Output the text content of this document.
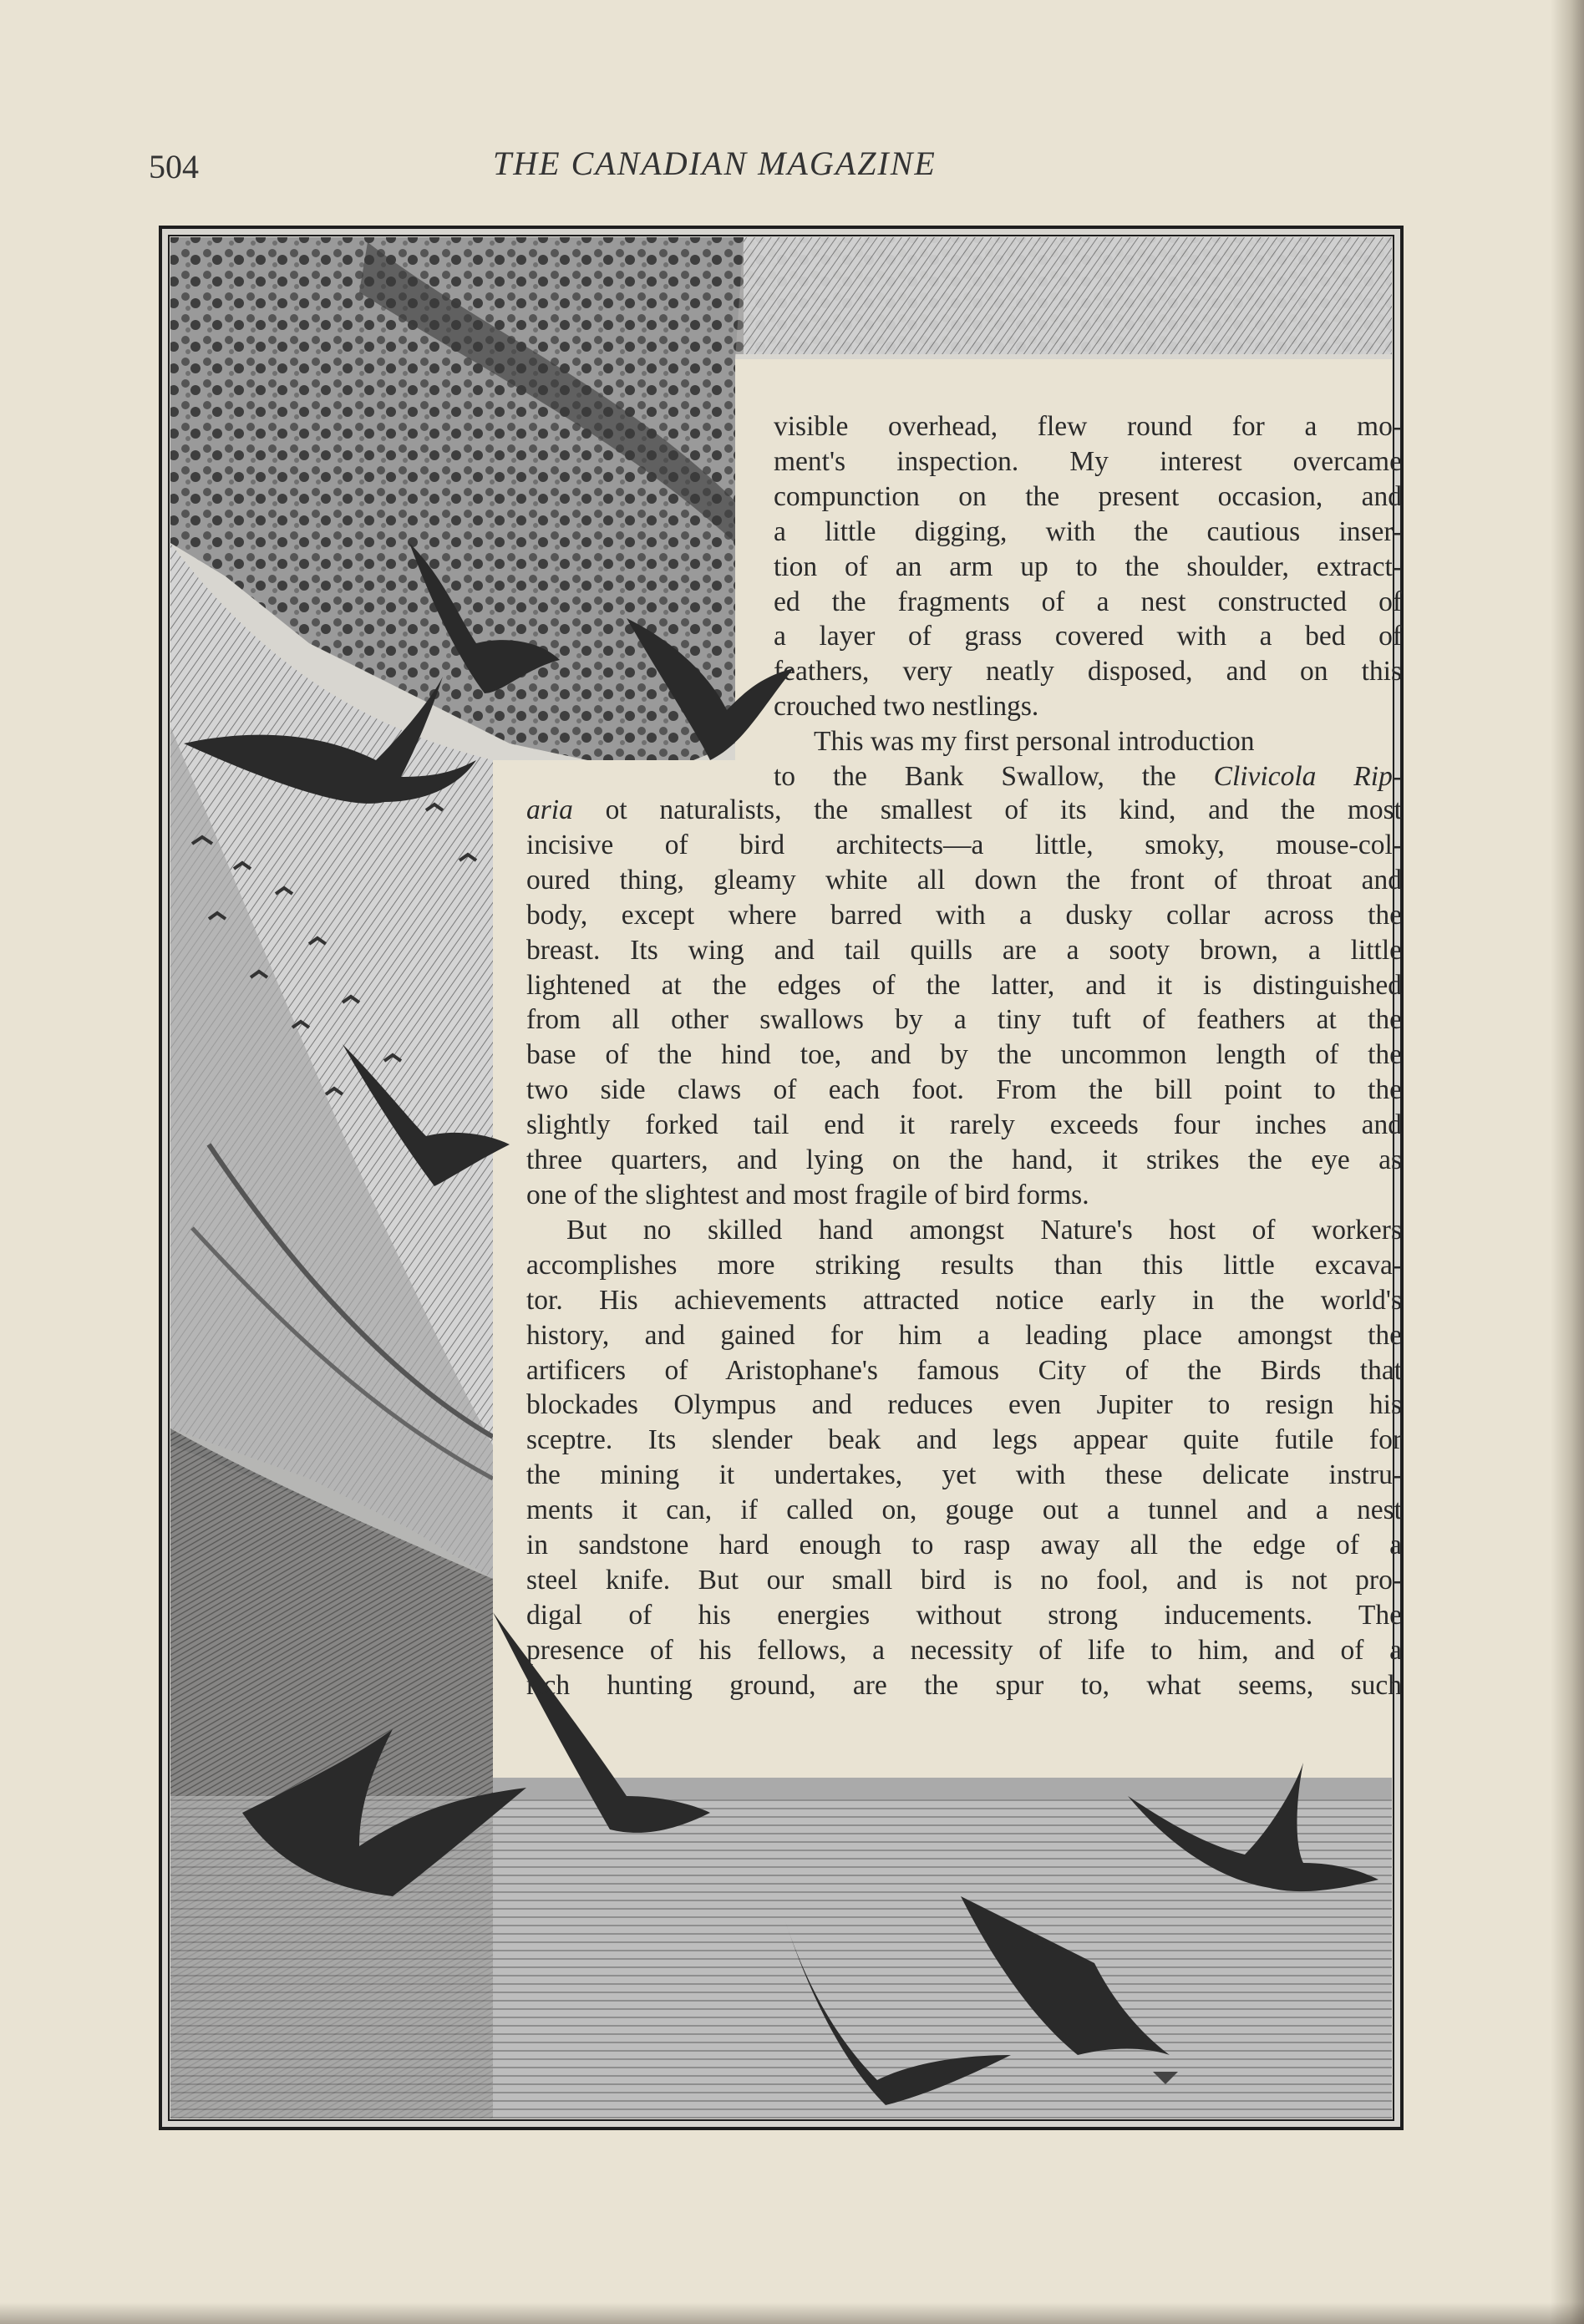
504	THE CANADIAN MAGAZINE

visible overhead, flew round for a mo-
ment's inspection. My interest overcame
compunction on the present occasion, and
a little digging, with the cautious inser-
tion of an arm up to the shoulder, extract-
ed the fragments of a nest constructed of
a layer of grass covered with a bed of
feathers, very neatly disposed, and on this
crouched two nestlings.

This was my first personal introduction
to the Bank Swallow, the Clivicola Rip-

aria ot naturalists, the smallest of its kind, and the most
incisive of bird architects—a little, smoky, mouse-col-
oured thing, gleamy white all down the front of throat and
body, except where barred with a dusky collar across the
breast. Its wing and tail quills are a sooty brown, a little
lightened at the edges of the latter, and it is distinguished
from all other swallows by a tiny tuft of feathers at the
base of the hind toe, and by the uncommon length of the
two side claws of each foot. From the bill point to the
slightly forked tail end it rarely exceeds four inches and
three quarters, and lying on the hand, it strikes the eye as
one of the slightest and most fragile of bird forms.

But no skilled hand amongst Nature's host of workers
accomplishes more striking results than this little excava-
tor. His achievements attracted notice early in the world's
history, and gained for him a leading place amongst the
artificers of Aristophane's famous City of the Birds that
blockades Olympus and reduces even Jupiter to resign his
sceptre. Its slender beak and legs appear quite futile for
the mining it undertakes, yet with these delicate instru-
ments it can, if called on, gouge out a tunnel and a nest
in sandstone hard enough to rasp away all the edge of a
steel knife. But our small bird is no fool, and is not pro-
digal of his energies without strong inducements. The
presence of his fellows, a necessity of life to him, and of a
rich hunting ground, are the spur to, what seems, such
